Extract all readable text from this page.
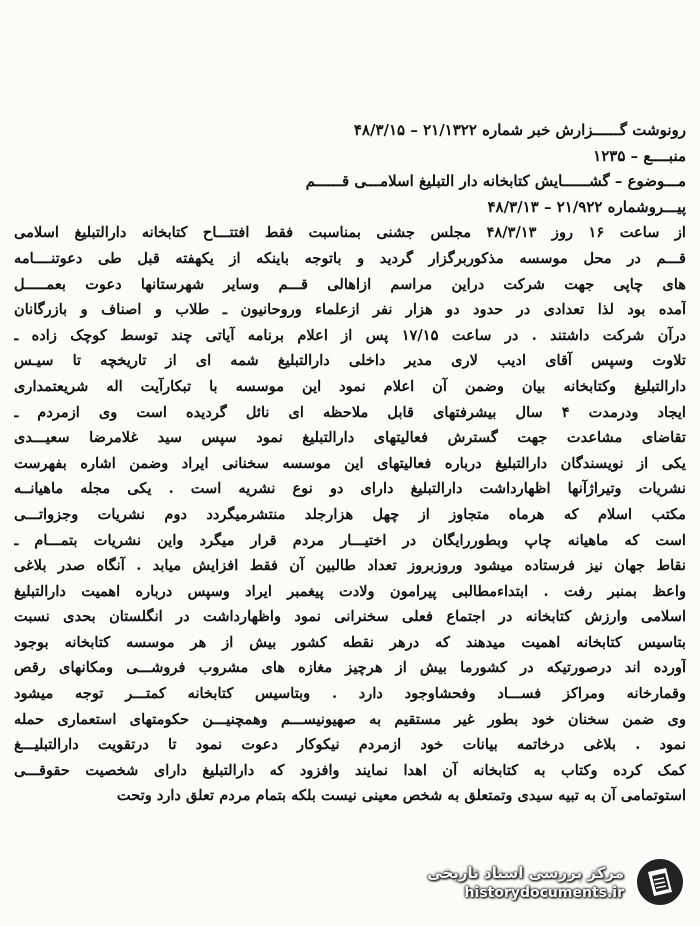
رونوشت گــــــزارش خبر شماره ۲۱/۱۳۲۲ – ۴۸/۳/۱۵
منبــــع – ۱۲۳۵
مـــوضوع – گشــــــایش کتابخانه دار التبلیغ اسلامـــی قــــــم
پیـــروشماره ۲۱/۹۲۲ – ۴۸/۳/۱۳
از ساعت ۱۶ روز ۴۸/۳/۱۳ مجلس جشنی بمناسبت فقط افتتـــاح کتابخانه دارالتبلیغ اسلامی
قـــم در محل موسسه مذکوربرگزار گردید و باتوجه باینکه از یکهفته قبل طی دعوتنــــامه
های چاپی جهت شرکت دراین مراسم ازاهالی قـــم وسایر شهرستانها دعوت بعمـــــل
آمده بود لذا تعدادی در حدود دو هزار نفر ازعلماء وروحانیون ـ طلاب و اصناف و بازرگانان
درآن شرکت داشتند . در ساعت ۱۷/۱۵ پس از اعلام برنامه آیاتی چند توسط کوچک زاده ـ
تلاوت وسپس آقای ادیب لاری مدیر داخلی دارالتبلیغ شمه ای از تاریخچه تا سیـس
دارالتبلیغ وکتابخانه بیان وضمن آن اعلام نمود این موسسه با تبکارآیت اله شریعتمداری
ایجاد ودرمدت ۴ سال بیشرفتهای قابل ملاحظه ای نائل گردیده است وی ازمردم ـ
تقاضای مشاعدت جهت گسترش فعالیتهای دارالتبلیغ نمود سپس سید غلامرضا سعیـــدی
یکی از نویسندگان دارالتبلیغ درباره فعالیتهای این موسسه سخنانی ایراد وضمن اشاره بفهرست
نشریات وتیراژآنها اظهارداشت دارالتبلیغ دارای دو نوع نشریه است . یکی مجله ماهیانــه
مکتب اسلام که هرماه متجاوز از چهل هزارجلد منتشرمیگردد دوم نشریات وجزواتـــی
است که ماهیانه چاپ وبطوررایگان در اختیـــار مردم قرار میگرد واین نشریات بتمـــام ـ
نقاط جهان نیز فرستاده میشود وروزبروز تعداد طالبین آن فقط افزایش میابد . آنگاه صدر بلاغی
واعظ بمنبر رفت . ابتداءمطالبی پیرامون ولادت پیغمبر ایراد وسپس درباره اهمیت دارالتبلیغ
اسلامی وارزش کتابخانه در اجتماع فعلی سخنرانی نمود واظهارداشت در انگلستان بحدی نسبت
بتاسیس کتابخانه اهمیت میدهند که درهر نقطه کشور بیش از هر موسسه کتابخانه بوجود
آورده اند درصورتیکه در کشورما بیش از هرچیز مغازه های مشروب فروشـــی ومکانهای رقص
وقمارخانه ومراکز فســـاد وفحشاوجود دارد . وبتاسیس کتابخانه کمتـــر توجه میشود
وی ضمن سخنان خود بطور غیر مستقیم به صهیونیســـم وهمچنیـــن حکومتهای استعماری حمله
نمود . بلاغی درخاتمه بیانات خود ازمردم نیکوکار دعوت نمود تا درتقویت دارالتبلیـــغ
کمک کرده وکتاب به کتابخانه آن اهدا نمایند وافزود که دارالتبلیغ دارای شخصیت حقوقـــی
استوتمامی آن به تبیه سیدی وتمتعلق به شخص معینی نیست بلکه بتمام مردم تعلق دارد وتحت
مرکز بررسی اسناد تاریخی
historydocuments.ir
